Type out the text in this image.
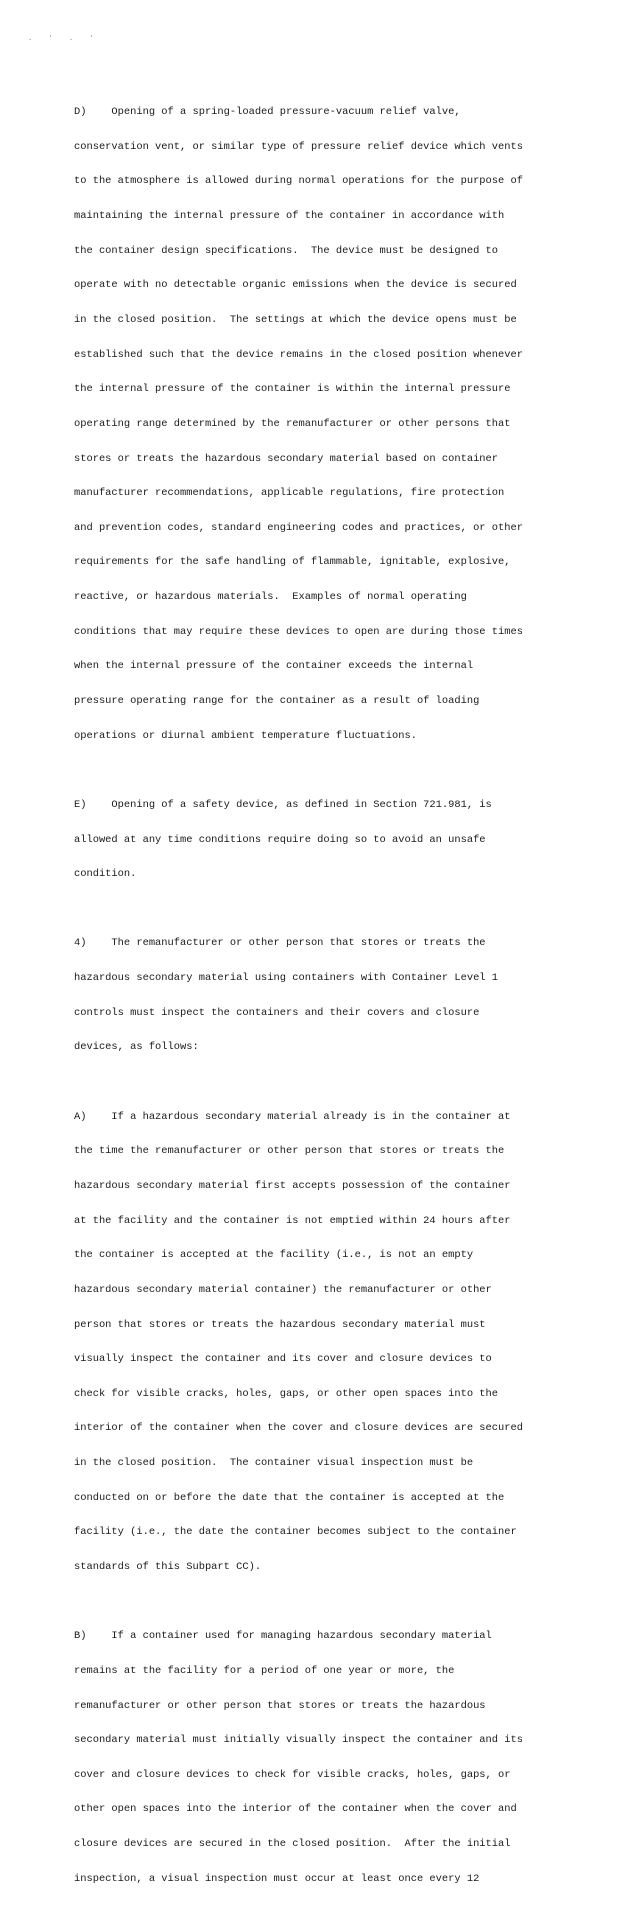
. ' . '

D)    Opening of a spring-loaded pressure-vacuum relief valve,

conservation vent, or similar type of pressure relief device which vents

to the atmosphere is allowed during normal operations for the purpose of

maintaining the internal pressure of the container in accordance with

the container design specifications.  The device must be designed to

operate with no detectable organic emissions when the device is secured

in the closed position.  The settings at which the device opens must be

established such that the device remains in the closed position whenever

the internal pressure of the container is within the internal pressure

operating range determined by the remanufacturer or other persons that

stores or treats the hazardous secondary material based on container

manufacturer recommendations, applicable regulations, fire protection

and prevention codes, standard engineering codes and practices, or other

requirements for the safe handling of flammable, ignitable, explosive,

reactive, or hazardous materials.  Examples of normal operating

conditions that may require these devices to open are during those times

when the internal pressure of the container exceeds the internal

pressure operating range for the container as a result of loading

operations or diurnal ambient temperature fluctuations.

E)    Opening of a safety device, as defined in Section 721.981, is

allowed at any time conditions require doing so to avoid an unsafe

condition.

4)    The remanufacturer or other person that stores or treats the

hazardous secondary material using containers with Container Level 1

controls must inspect the containers and their covers and closure

devices, as follows:

A)    If a hazardous secondary material already is in the container at

the time the remanufacturer or other person that stores or treats the

hazardous secondary material first accepts possession of the container

at the facility and the container is not emptied within 24 hours after

the container is accepted at the facility (i.e., is not an empty

hazardous secondary material container) the remanufacturer or other

person that stores or treats the hazardous secondary material must

visually inspect the container and its cover and closure devices to

check for visible cracks, holes, gaps, or other open spaces into the

interior of the container when the cover and closure devices are secured

in the closed position.  The container visual inspection must be

conducted on or before the date that the container is accepted at the

facility (i.e., the date the container becomes subject to the container

standards of this Subpart CC).

B)    If a container used for managing hazardous secondary material

remains at the facility for a period of one year or more, the

remanufacturer or other person that stores or treats the hazardous

secondary material must initially visually inspect the container and its

cover and closure devices to check for visible cracks, holes, gaps, or

other open spaces into the interior of the container when the cover and

closure devices are secured in the closed position.  After the initial

inspection, a visual inspection must occur at least once every 12
